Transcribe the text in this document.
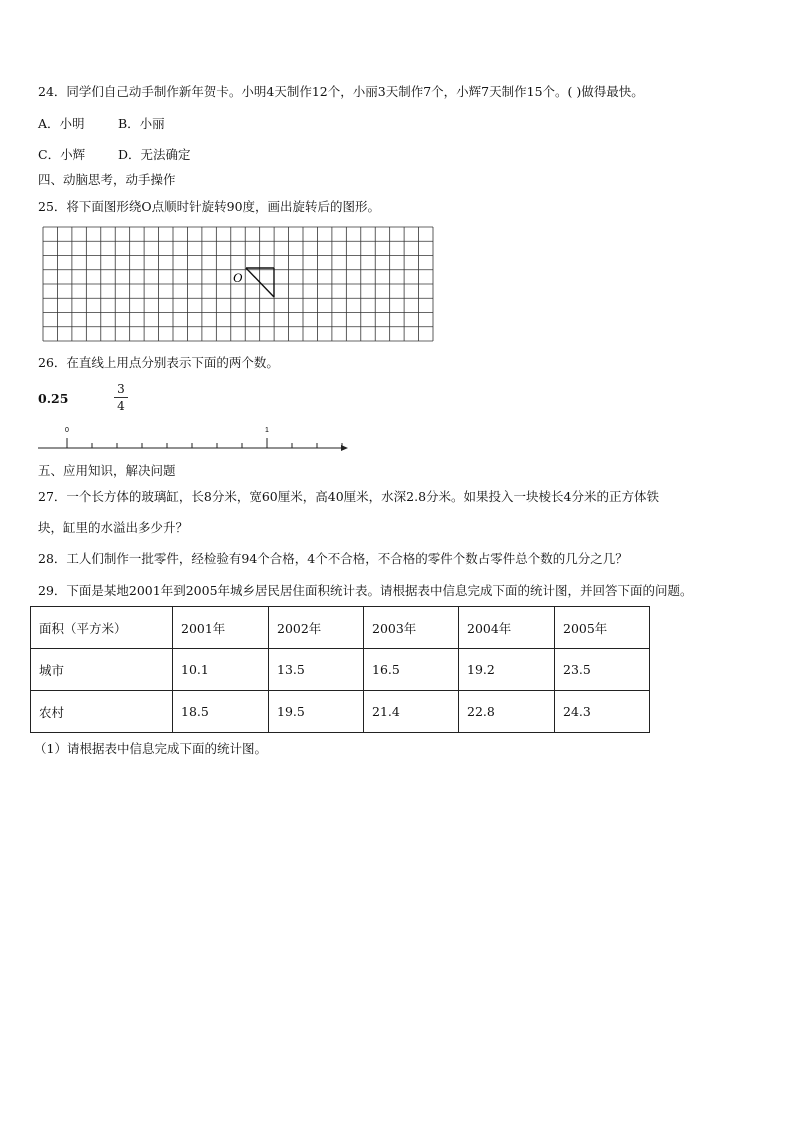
24．同学们自己动手制作新年贺卡。小明4天制作12个，小丽3天制作7个，小辉7天制作15个。( )做得最快。
A．小明	B．小丽
C．小辉	D．无法确定
四、动脑思考，动手操作
25．将下面图形绕O点顺时针旋转90度，画出旋转后的图形。
O
26．在直线上用点分别表示下面的两个数。
0.25
3
4
0	1
五、应用知识，解决问题
27．一个长方体的玻璃缸，长8分米，宽60厘米，高40厘米，水深2.8分米。如果投入一块棱长4分米的正方体铁
块，缸里的水溢出多少升？
28．工人们制作一批零件，经检验有94个合格，4个不合格，不合格的零件个数占零件总个数的几分之几？
29．下面是某地2001年到2005年城乡居民居住面积统计表。请根据表中信息完成下面的统计图，并回答下面的问题。
面积（平方米）	2001年	2002年	2003年	2004年	2005年
城市	10.1	13.5	16.5	19.2	23.5
农村	18.5	19.5	21.4	22.8	24.3
（1）请根据表中信息完成下面的统计图。
